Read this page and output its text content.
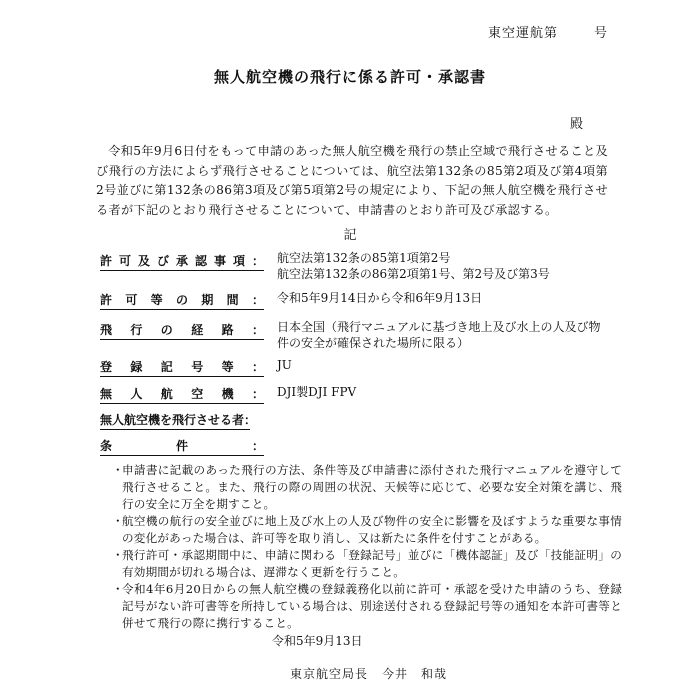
東空運航第	号
無人航空機の飛行に係る許可・承認書
殿

令和5年9月6日付をもって申請のあった無人航空機を飛行の禁止空域で飛行させること及び飛行の方法によらず飛行させることについては、航空法第132条の85第2項及び第4項第2号並びに第132条の86第3項及び第5項第2号の規定により、下記の無人航空機を飛行させる者が下記のとおり飛行させることについて、申請書のとおり許可及び承認する。

記
許可及び承認事項： 航空法第132条の85第1項第2号
航空法第132条の86第2項第1号、第2号及び第3号
許可等の期間： 令和5年9月14日から令和6年9月13日
飛行の経路： 日本全国（飛行マニュアルに基づき地上及び水上の人及び物
件の安全が確保された場所に限る）
登録記号等： JU
無人航空機： DJI製DJI FPV
無人航空機を飛行させる者：
条件：
・
申請書に記載のあった飛行の方法、条件等及び申請書に添付された飛行マニュアルを遵守して飛行させること。また、飛行の際の周囲の状況、天候等に応じて、必要な安全対策を講じ、飛行の安全に万全を期すこと。
・
航空機の航行の安全並びに地上及び水上の人及び物件の安全に影響を及ぼすような重要な事情の変化があった場合は、許可等を取り消し、又は新たに条件を付すことがある。
・
飛行許可・承認期間中に、申請に関わる「登録記号」並びに「機体認証」及び「技能証明」の有効期間が切れる場合は、遅滞なく更新を行うこと。
・
令和4年6月20日からの無人航空機の登録義務化以前に許可・承認を受けた申請のうち、登録記号がない許可書等を所持している場合は、別途送付される登録記号等の通知を本許可書等と併せて飛行の際に携行すること。
令和5年9月13日
東京航空局長 今井　和哉
